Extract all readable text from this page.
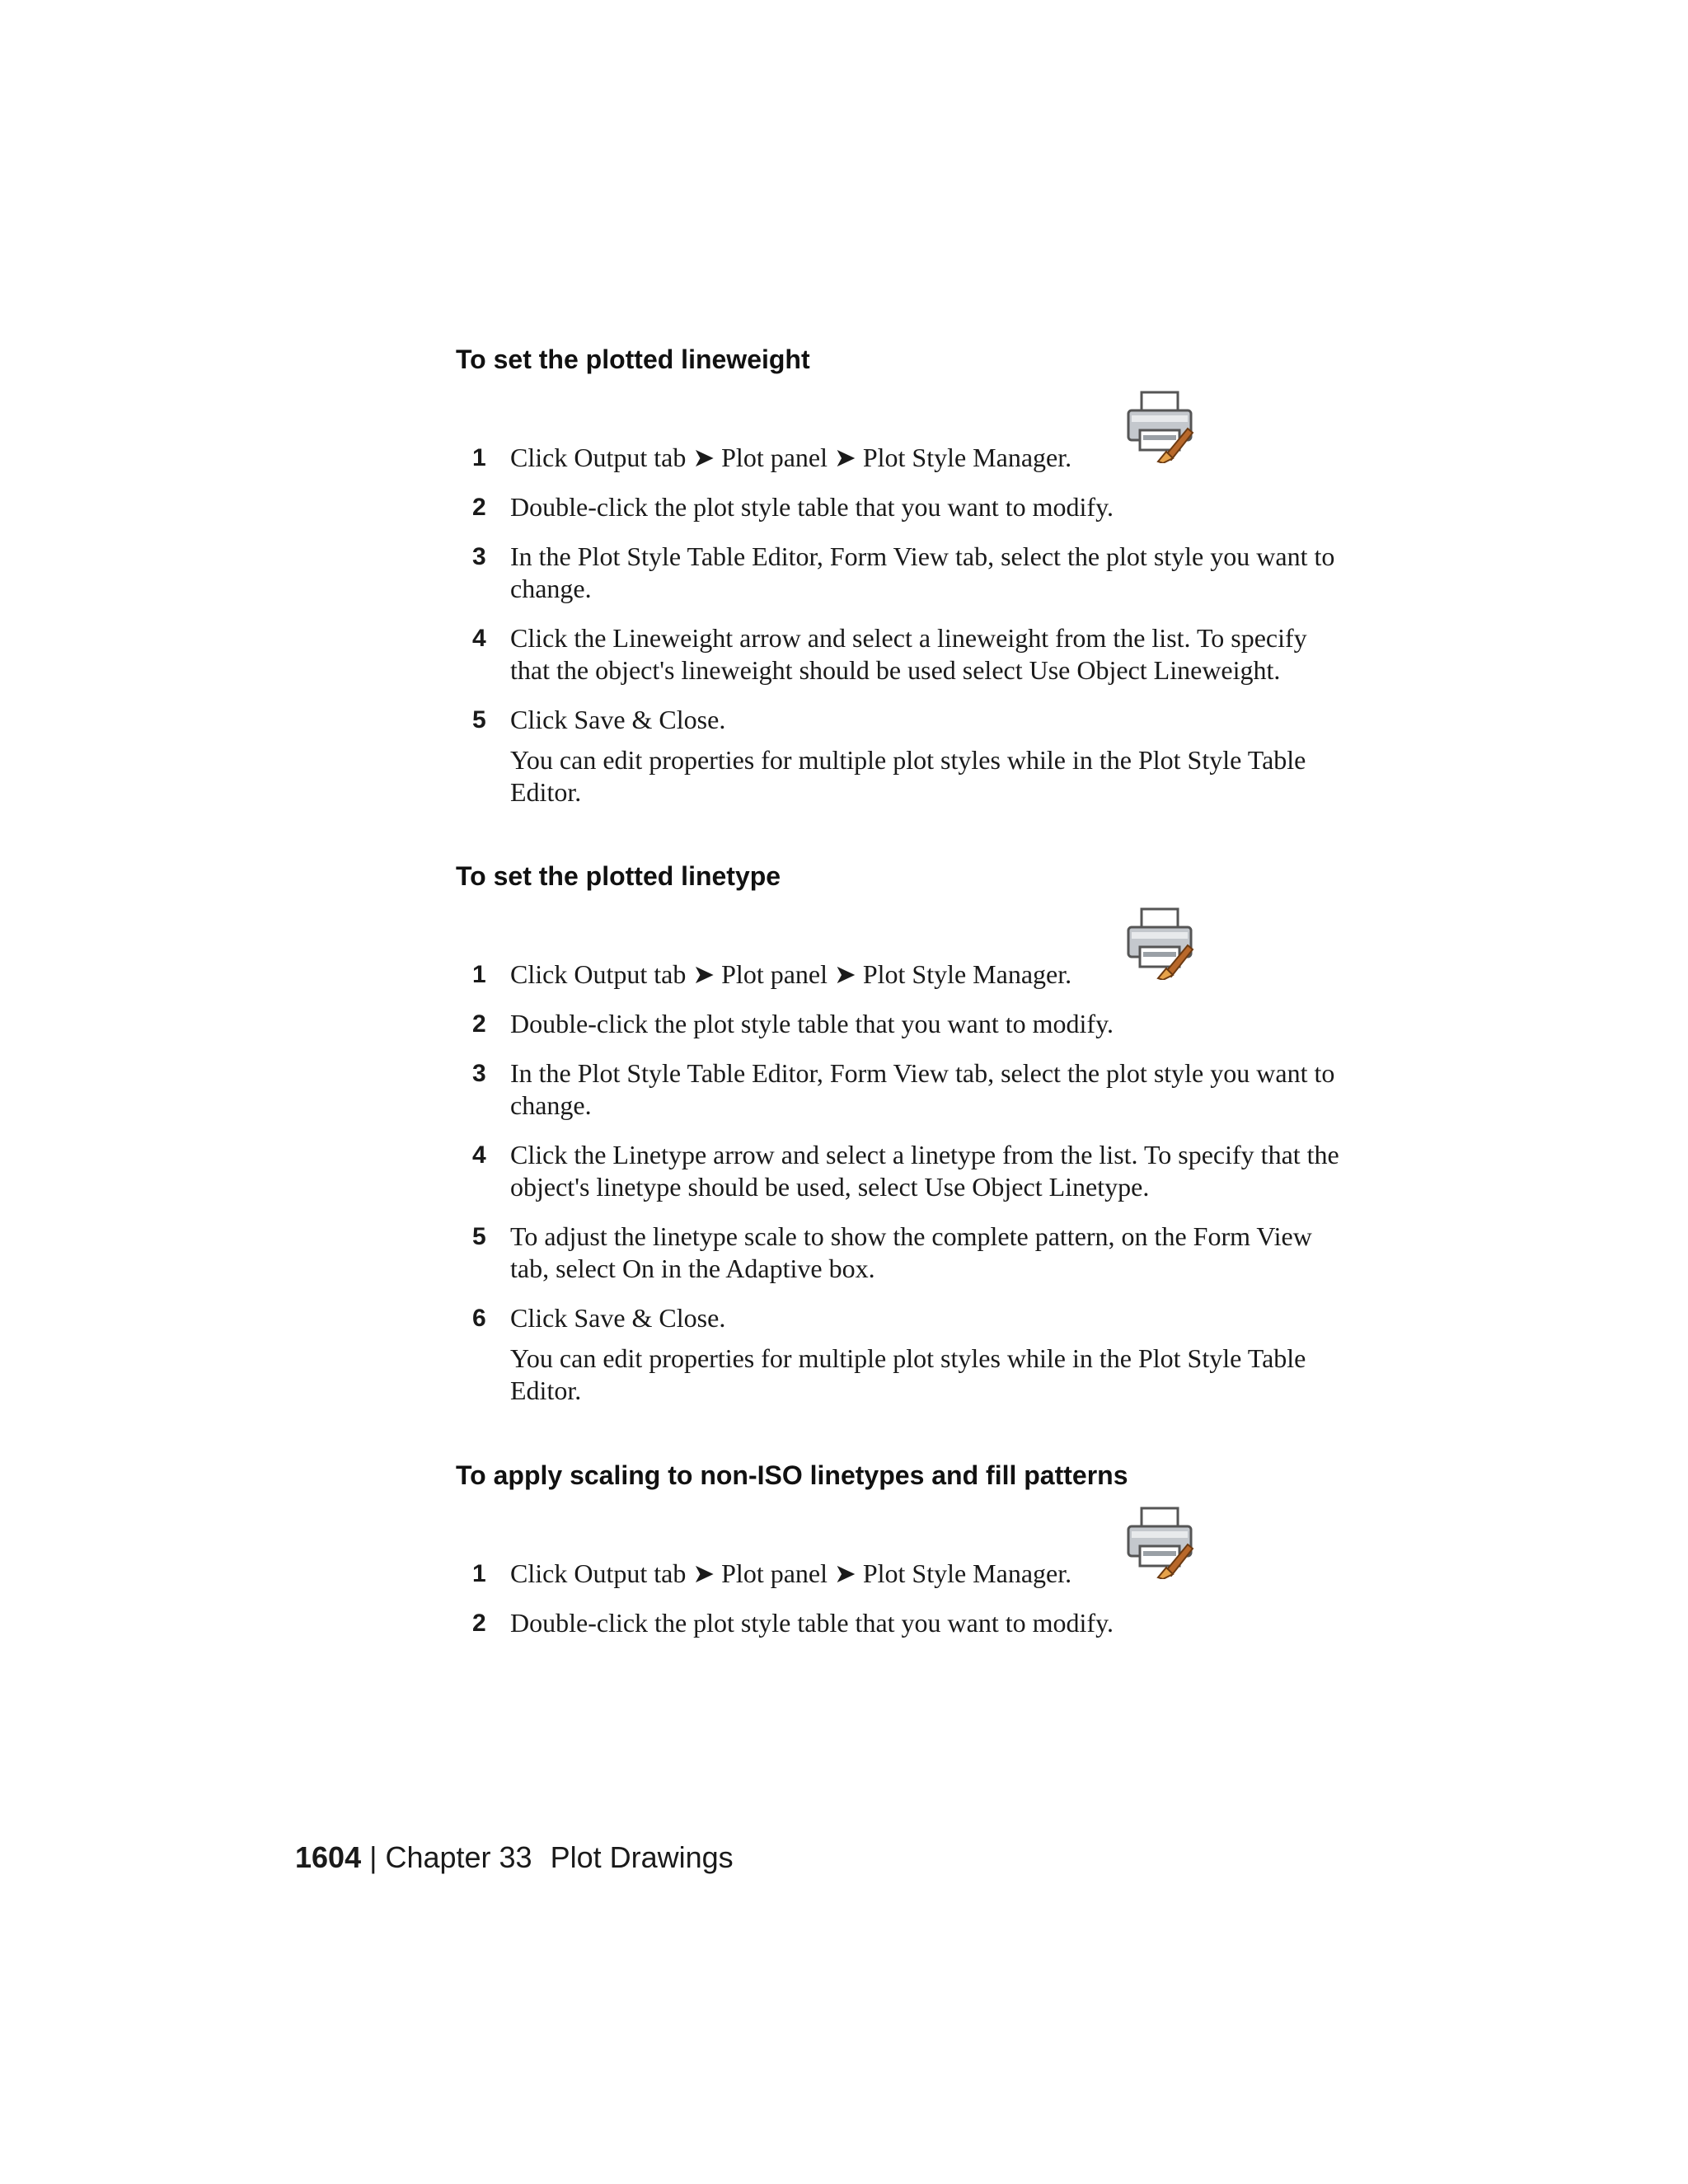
To set the plotted lineweight
1 Click Output tab ➤ Plot panel ➤ Plot Style Manager.
2 Double-click the plot style table that you want to modify.
3 In the Plot Style Table Editor, Form View tab, select the plot style you want to change.
4 Click the Lineweight arrow and select a lineweight from the list. To specify that the object's lineweight should be used select Use Object Lineweight.
5 Click Save & Close.
You can edit properties for multiple plot styles while in the Plot Style Table Editor.
To set the plotted linetype
1 Click Output tab ➤ Plot panel ➤ Plot Style Manager.
2 Double-click the plot style table that you want to modify.
3 In the Plot Style Table Editor, Form View tab, select the plot style you want to change.
4 Click the Linetype arrow and select a linetype from the list. To specify that the object's linetype should be used, select Use Object Linetype.
5 To adjust the linetype scale to show the complete pattern, on the Form View tab, select On in the Adaptive box.
6 Click Save & Close.
You can edit properties for multiple plot styles while in the Plot Style Table Editor.
To apply scaling to non-ISO linetypes and fill patterns
1 Click Output tab ➤ Plot panel ➤ Plot Style Manager.
2 Double-click the plot style table that you want to modify.
1604 | Chapter 33 Plot Drawings
